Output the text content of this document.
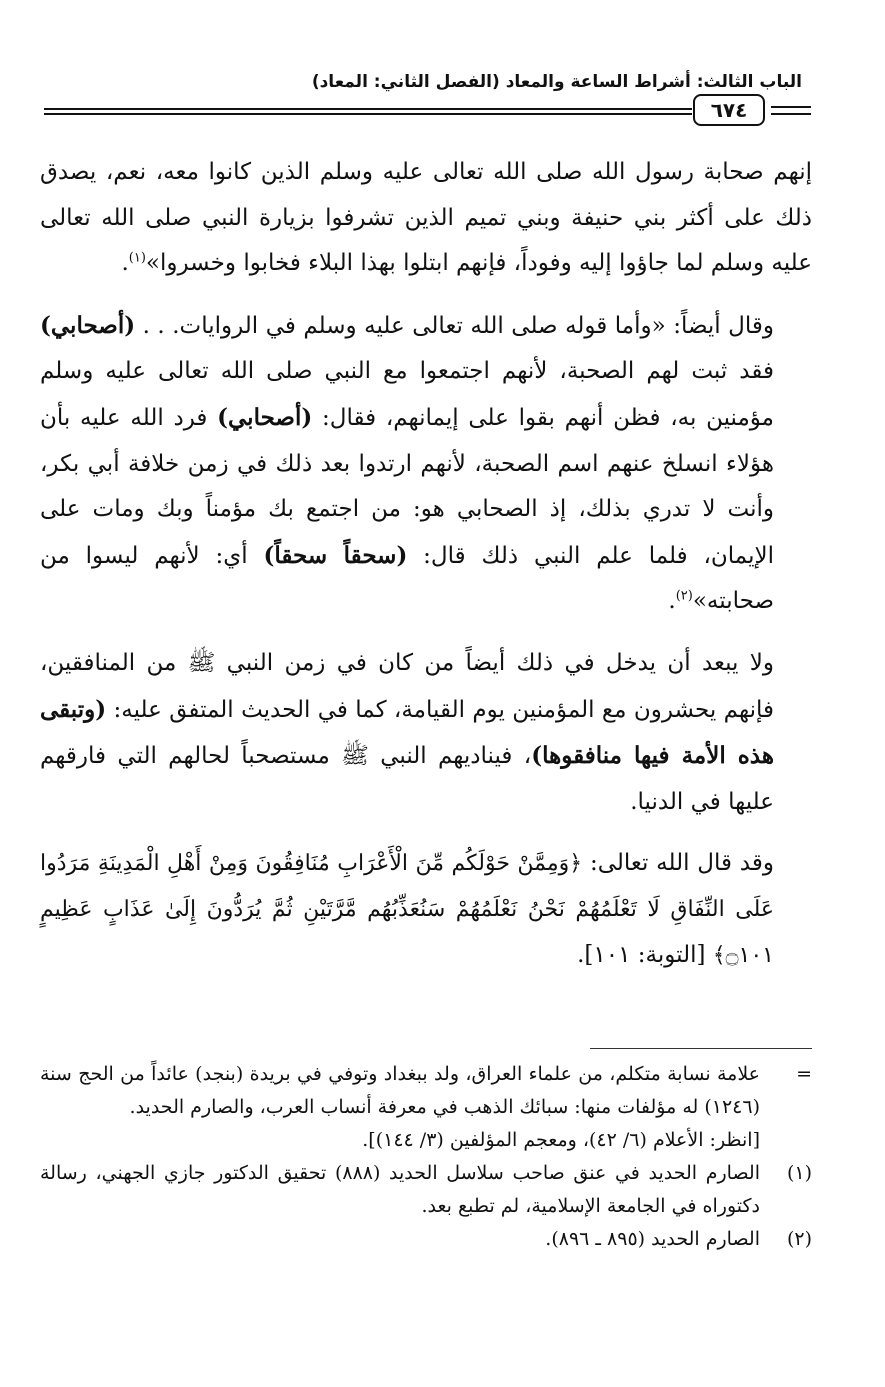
الباب الثالث: أشراط الساعة والمعاد (الفصل الثاني: المعاد)
٦٧٤

إنهم صحابة رسول الله صلى الله تعالى عليه وسلم الذين كانوا معه، نعم، يصدق ذلك على أكثر بني حنيفة وبني تميم الذين تشرفوا بزيارة النبي صلى الله تعالى عليه وسلم لما جاؤوا إليه وفوداً، فإنهم ابتلوا بهذا البلاء فخابوا وخسروا»$^{(١)}$.

وقال أيضاً: «وأما قوله صلى الله تعالى عليه وسلم في الروايات. . . (أصحابي) فقد ثبت لهم الصحبة، لأنهم اجتمعوا مع النبي صلى الله تعالى عليه وسلم مؤمنين به، فظن أنهم بقوا على إيمانهم، فقال: (أصحابي) فرد الله عليه بأن هؤلاء انسلخ عنهم اسم الصحبة، لأنهم ارتدوا بعد ذلك في زمن خلافة أبي بكر، وأنت لا تدري بذلك، إذ الصحابي هو: من اجتمع بك مؤمناً وبك ومات على الإيمان، فلما علم النبي ذلك قال: (سحقاً سحقاً) أي: لأنهم ليسوا من صحابته»$^{(٢)}$.

ولا يبعد أن يدخل في ذلك أيضاً من كان في زمن النبي ﷺ من المنافقين، فإنهم يحشرون مع المؤمنين يوم القيامة، كما في الحديث المتفق عليه: (وتبقى هذه الأمة فيها منافقوها)، فيناديهم النبي ﷺ مستصحباً لحالهم التي فارقهم عليها في الدنيا.

وقد قال الله تعالى: ﴿وَمِمَّنْ حَوْلَكُم مِّنَ الْأَعْرَابِ مُنَافِقُونَ وَمِنْ أَهْلِ الْمَدِينَةِ مَرَدُوا عَلَى النِّفَاقِ لَا تَعْلَمُهُمْ نَحْنُ نَعْلَمُهُمْ سَنُعَذِّبُهُم مَّرَّتَيْنِ ثُمَّ يُرَدُّونَ إِلَىٰ عَذَابٍ عَظِيمٍ ۝١٠١﴾ [التوبة: ١٠١].

=

علامة نسابة متكلم، من علماء العراق، ولد ببغداد وتوفي في بريدة (بنجد) عائداً من الحج سنة (١٢٤٦) له مؤلفات منها: سبائك الذهب في معرفة أنساب العرب، والصارم الحديد.

[انظر: الأعلام (٦/ ٤٢)، ومعجم المؤلفين (٣/ ١٤٤)].

(١)
الصارم الحديد في عنق صاحب سلاسل الحديد (٨٨٨) تحقيق الدكتور جازي الجهني، رسالة دكتوراه في الجامعة الإسلامية، لم تطبع بعد.
(٢)
الصارم الحديد (٨٩٥ ـ ٨٩٦).
